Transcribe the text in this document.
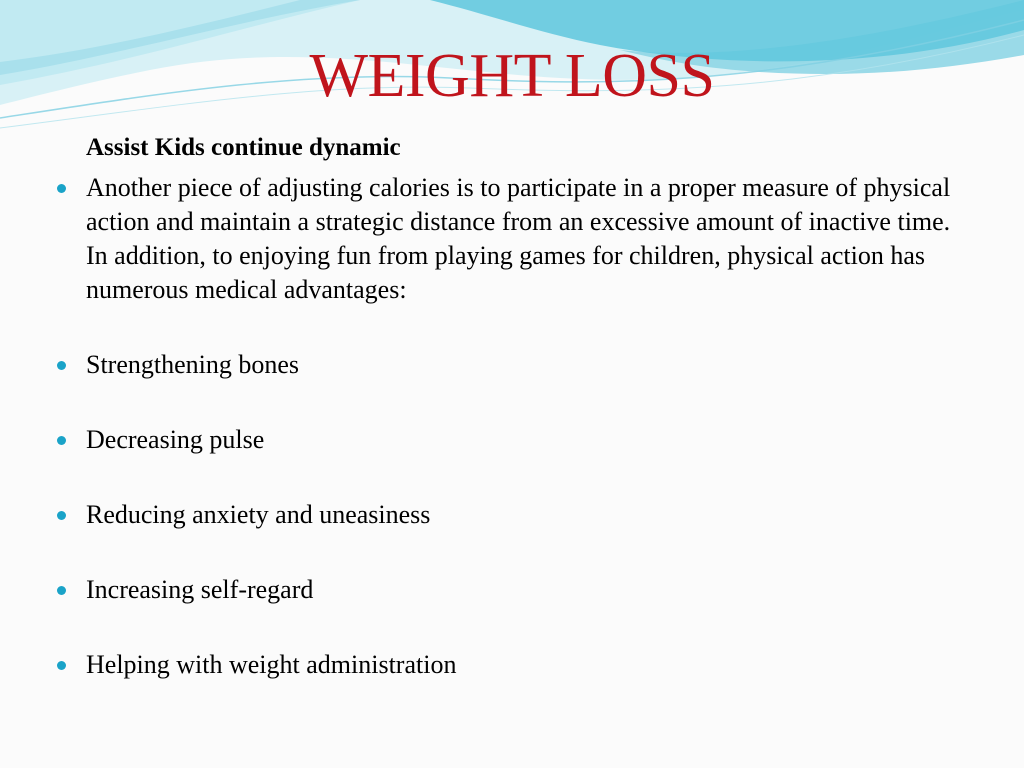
WEIGHT LOSS
Assist Kids continue dynamic
Another piece of adjusting calories is to participate in a proper measure of physical action and maintain a strategic distance from an excessive amount of inactive time. In addition, to enjoying fun from playing games for children, physical action has numerous medical advantages:
Strengthening bones
Decreasing pulse
Reducing anxiety and uneasiness
Increasing self-regard
Helping with weight administration
